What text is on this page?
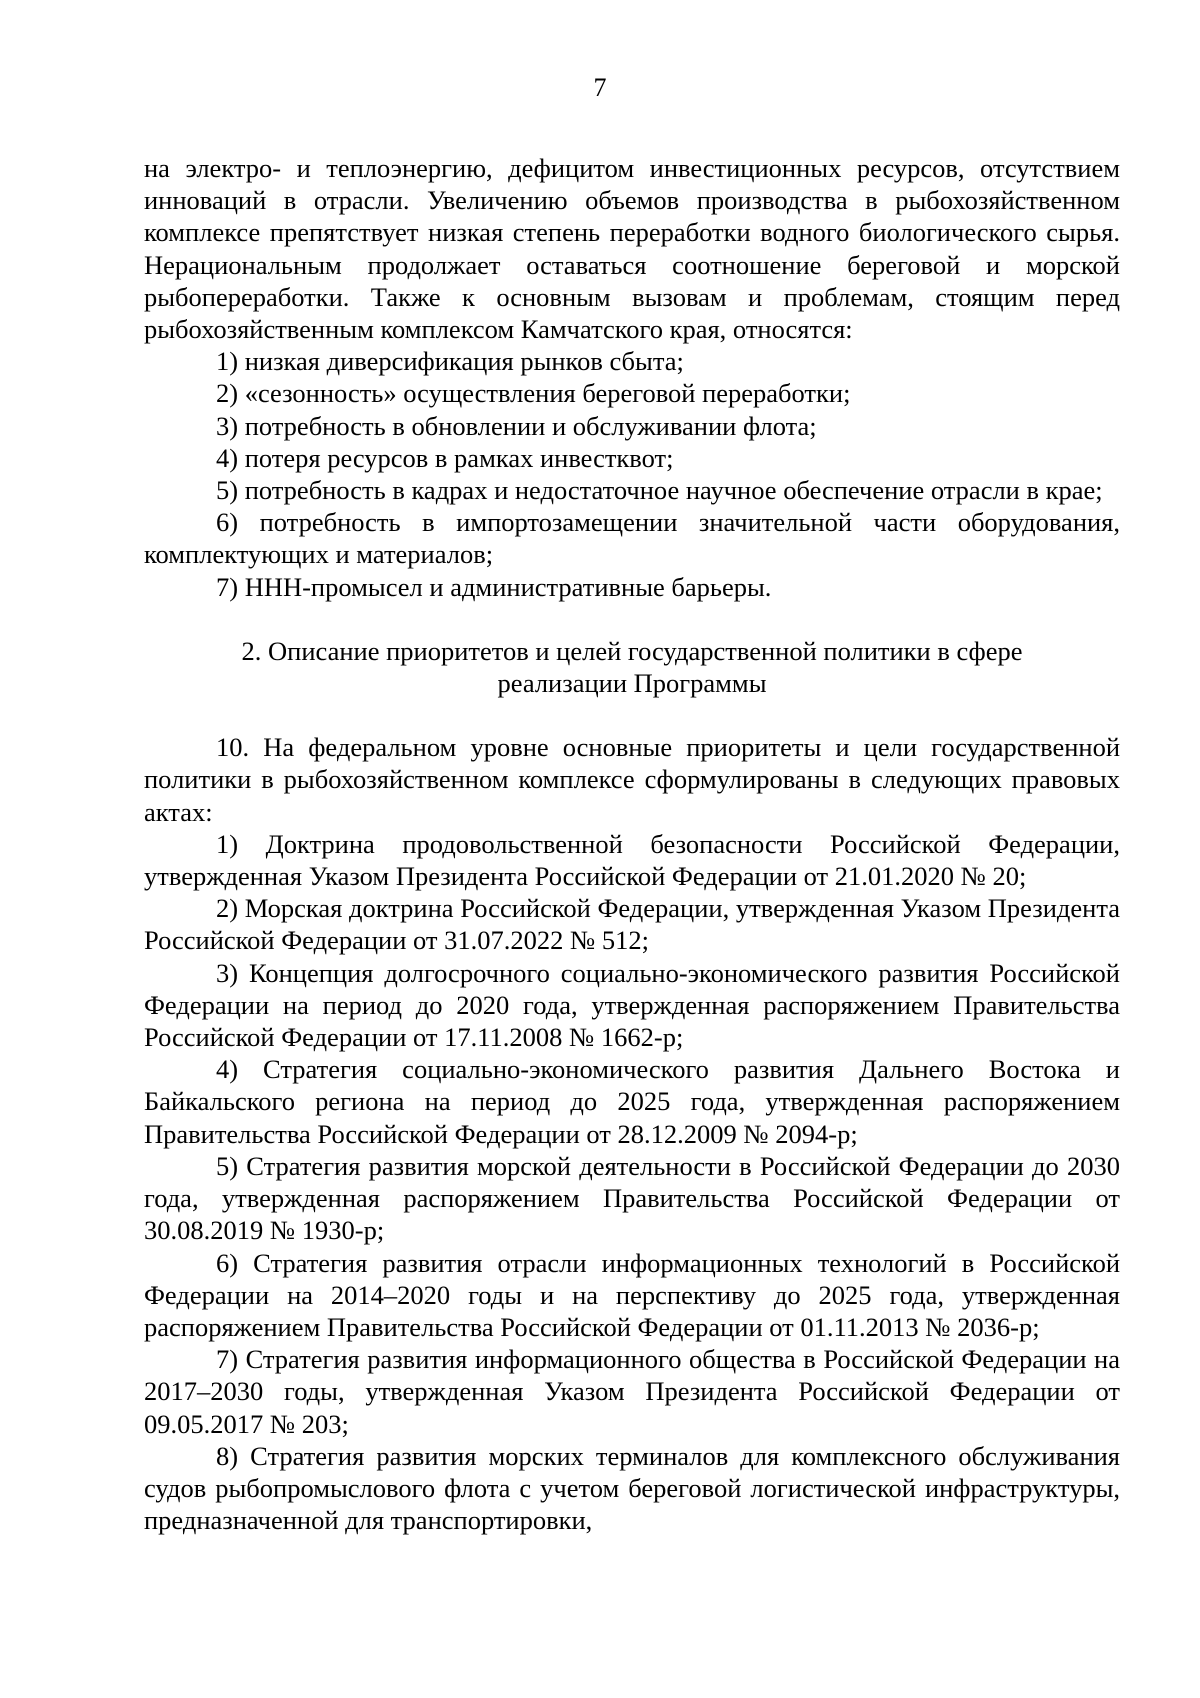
7

на электро- и теплоэнергию, дефицитом инвестиционных ресурсов, отсутствием инноваций в отрасли. Увеличению объемов производства в рыбохозяйственном комплексе препятствует низкая степень переработки водного биологического сырья. Нерациональным продолжает оставаться соотношение береговой и морской рыбопереработки. Также к основным вызовам и проблемам, стоящим перед рыбохозяйственным комплексом Камчатского края, относятся:

1) низкая диверсификация рынков сбыта;

2) «сезонность» осуществления береговой переработки;

3) потребность в обновлении и обслуживании флота;

4) потеря ресурсов в рамках инвестквот;

5) потребность в кадрах и недостаточное научное обеспечение отрасли в крае;

6) потребность в импортозамещении значительной части оборудования, комплектующих и материалов;

7) ННН-промысел и административные барьеры.

2. Описание приоритетов и целей государственной политики в сфере
реализации Программы

10. На федеральном уровне основные приоритеты и цели государственной политики в рыбохозяйственном комплексе сформулированы в следующих правовых актах:

1) Доктрина продовольственной безопасности Российской Федерации, утвержденная Указом Президента Российской Федерации от 21.01.2020 № 20;

2) Морская доктрина Российской Федерации, утвержденная Указом Президента Российской Федерации от 31.07.2022 № 512;

3) Концепция долгосрочного социально-экономического развития Российской Федерации на период до 2020 года, утвержденная распоряжением Правительства Российской Федерации от 17.11.2008 № 1662-р;

4) Стратегия социально-экономического развития Дальнего Востока и Байкальского региона на период до 2025 года, утвержденная распоряжением Правительства Российской Федерации от 28.12.2009 № 2094-р;

5) Стратегия развития морской деятельности в Российской Федерации до 2030 года, утвержденная распоряжением Правительства Российской Федерации от 30.08.2019 № 1930-р;

6) Стратегия развития отрасли информационных технологий в Российской Федерации на 2014–2020 годы и на перспективу до 2025 года, утвержденная распоряжением Правительства Российской Федерации от 01.11.2013 № 2036-р;

7) Стратегия развития информационного общества в Российской Федерации на 2017–2030 годы, утвержденная Указом Президента Российской Федерации от 09.05.2017 № 203;

8) Стратегия развития морских терминалов для комплексного обслуживания судов рыбопромыслового флота с учетом береговой логистической инфраструктуры, предназначенной для транспортировки,
